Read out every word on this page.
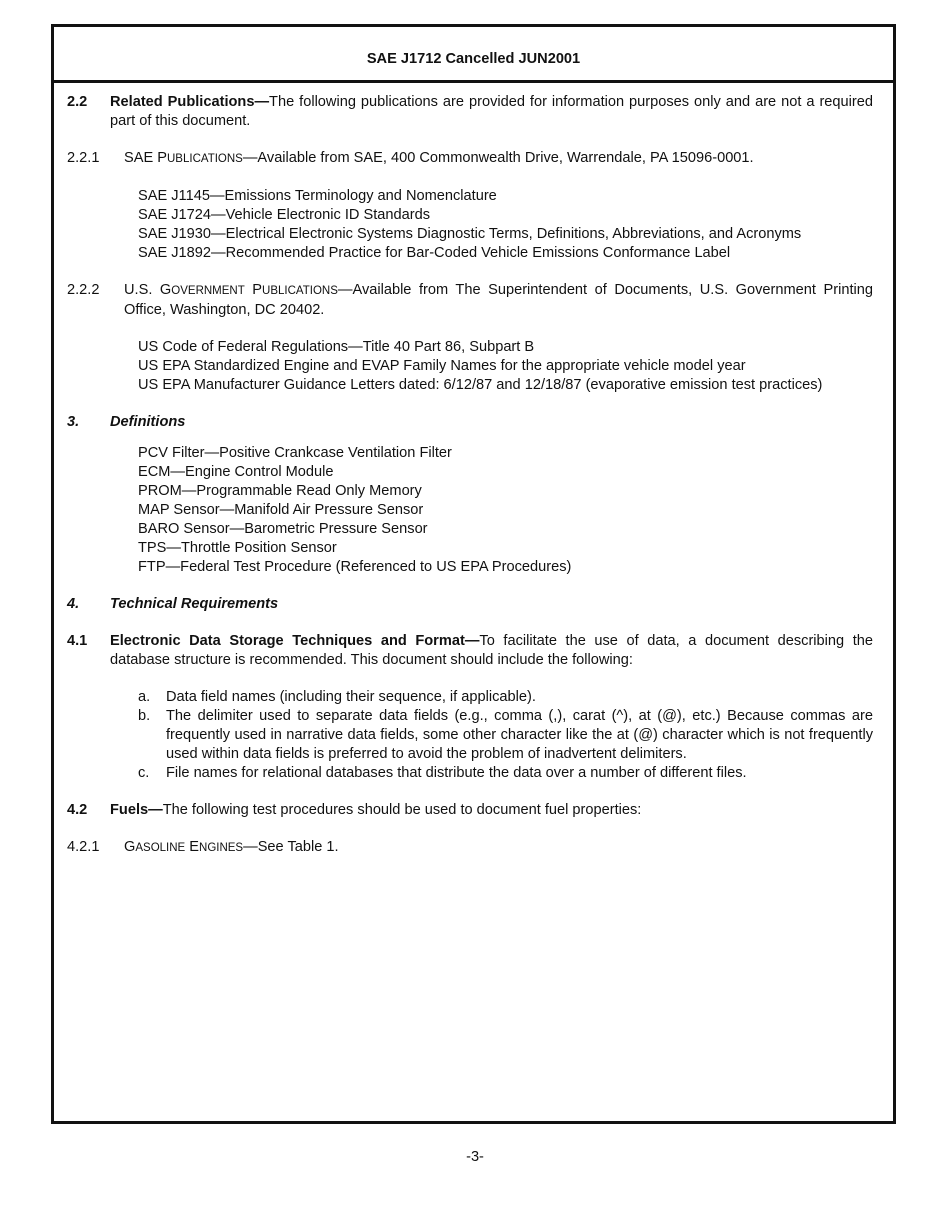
SAE J1712 Cancelled JUN2001
2.2	Related Publications—The following publications are provided for information purposes only and are not a required part of this document.
2.2.1	SAE PUBLICATIONS—Available from SAE, 400 Commonwealth Drive, Warrendale, PA 15096-0001.
SAE J1145—Emissions Terminology and Nomenclature
SAE J1724—Vehicle Electronic ID Standards
SAE J1930—Electrical Electronic Systems Diagnostic Terms, Definitions, Abbreviations, and Acronyms
SAE J1892—Recommended Practice for Bar-Coded Vehicle Emissions Conformance Label
2.2.2	U.S. GOVERNMENT PUBLICATIONS—Available from The Superintendent of Documents, U.S. Government Printing Office, Washington, DC 20402.
US Code of Federal Regulations—Title 40 Part 86, Subpart B
US EPA Standardized Engine and EVAP Family Names for the appropriate vehicle model year
US EPA Manufacturer Guidance Letters dated: 6/12/87 and 12/18/87 (evaporative emission test practices)
3.	Definitions
PCV Filter—Positive Crankcase Ventilation Filter
ECM—Engine Control Module
PROM—Programmable Read Only Memory
MAP Sensor—Manifold Air Pressure Sensor
BARO Sensor—Barometric Pressure Sensor
TPS—Throttle Position Sensor
FTP—Federal Test Procedure (Referenced to US EPA Procedures)
4.	Technical Requirements
4.1	Electronic Data Storage Techniques and Format—To facilitate the use of data, a document describing the database structure is recommended. This document should include the following:
a.	Data field names (including their sequence, if applicable).
b.	The delimiter used to separate data fields (e.g., comma (,), carat (^), at (@), etc.) Because commas are frequently used in narrative data fields, some other character like the at (@) character which is not frequently used within data fields is preferred to avoid the problem of inadvertent delimiters.
c.	File names for relational databases that distribute the data over a number of different files.
4.2	Fuels—The following test procedures should be used to document fuel properties:
4.2.1	GASOLINE ENGINES—See Table 1.
-3-
